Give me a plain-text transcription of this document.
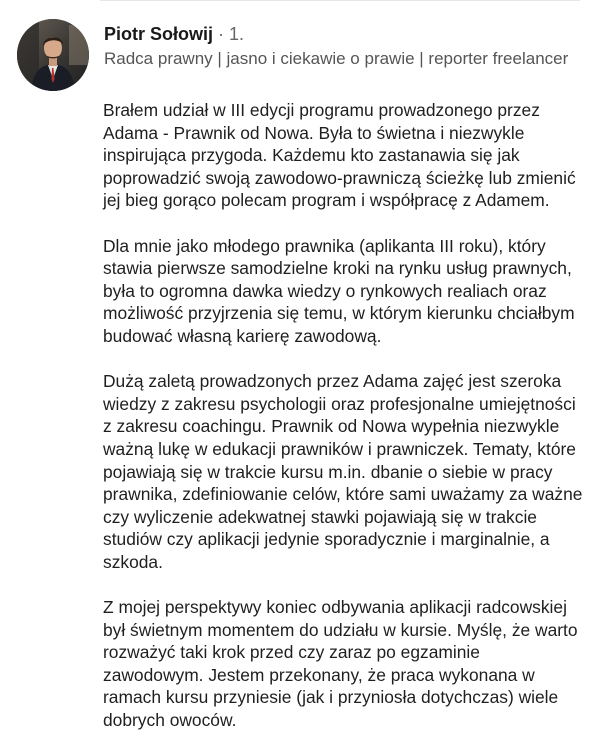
Piotr Sołowij · 1.
Radca prawny | jasno i ciekawie o prawie | reporter freelancer

Brałem udział w III edycji programu prowadzonego przez Adama - Prawnik od Nowa. Była to świetna i niezwykle inspirująca przygoda. Każdemu kto zastanawia się jak poprowadzić swoją zawodowo-prawniczą ścieżkę lub zmienić jej bieg gorąco polecam program i współpracę z Adamem.

Dla mnie jako młodego prawnika (aplikanta III roku), który stawia pierwsze samodzielne kroki na rynku usług prawnych, była to ogromna dawka wiedzy o rynkowych realiach oraz możliwość przyjrzenia się temu, w którym kierunku chciałbym budować własną karierę zawodową.

Dużą zaletą prowadzonych przez Adama zajęć jest szeroka wiedzy z zakresu psychologii oraz profesjonalne umiejętności z zakresu coachingu. Prawnik od Nowa wypełnia niezwykle ważną lukę w edukacji prawników i prawniczek. Tematy, które pojawiają się w trakcie kursu m.in. dbanie o siebie w pracy prawnika, zdefiniowanie celów, które sami uważamy za ważne czy wyliczenie adekwatnej stawki pojawiają się w trakcie studiów czy aplikacji jedynie sporadycznie i marginalnie, a szkoda.

Z mojej perspektywy koniec odbywania aplikacji radcowskiej był świetnym momentem do udziału w kursie. Myślę, że warto rozważyć taki krok przed czy zaraz po egzaminie zawodowym. Jestem przekonany, że praca wykonana w ramach kursu przyniesie (jak i przyniosła dotychczas) wiele dobrych owoców.
